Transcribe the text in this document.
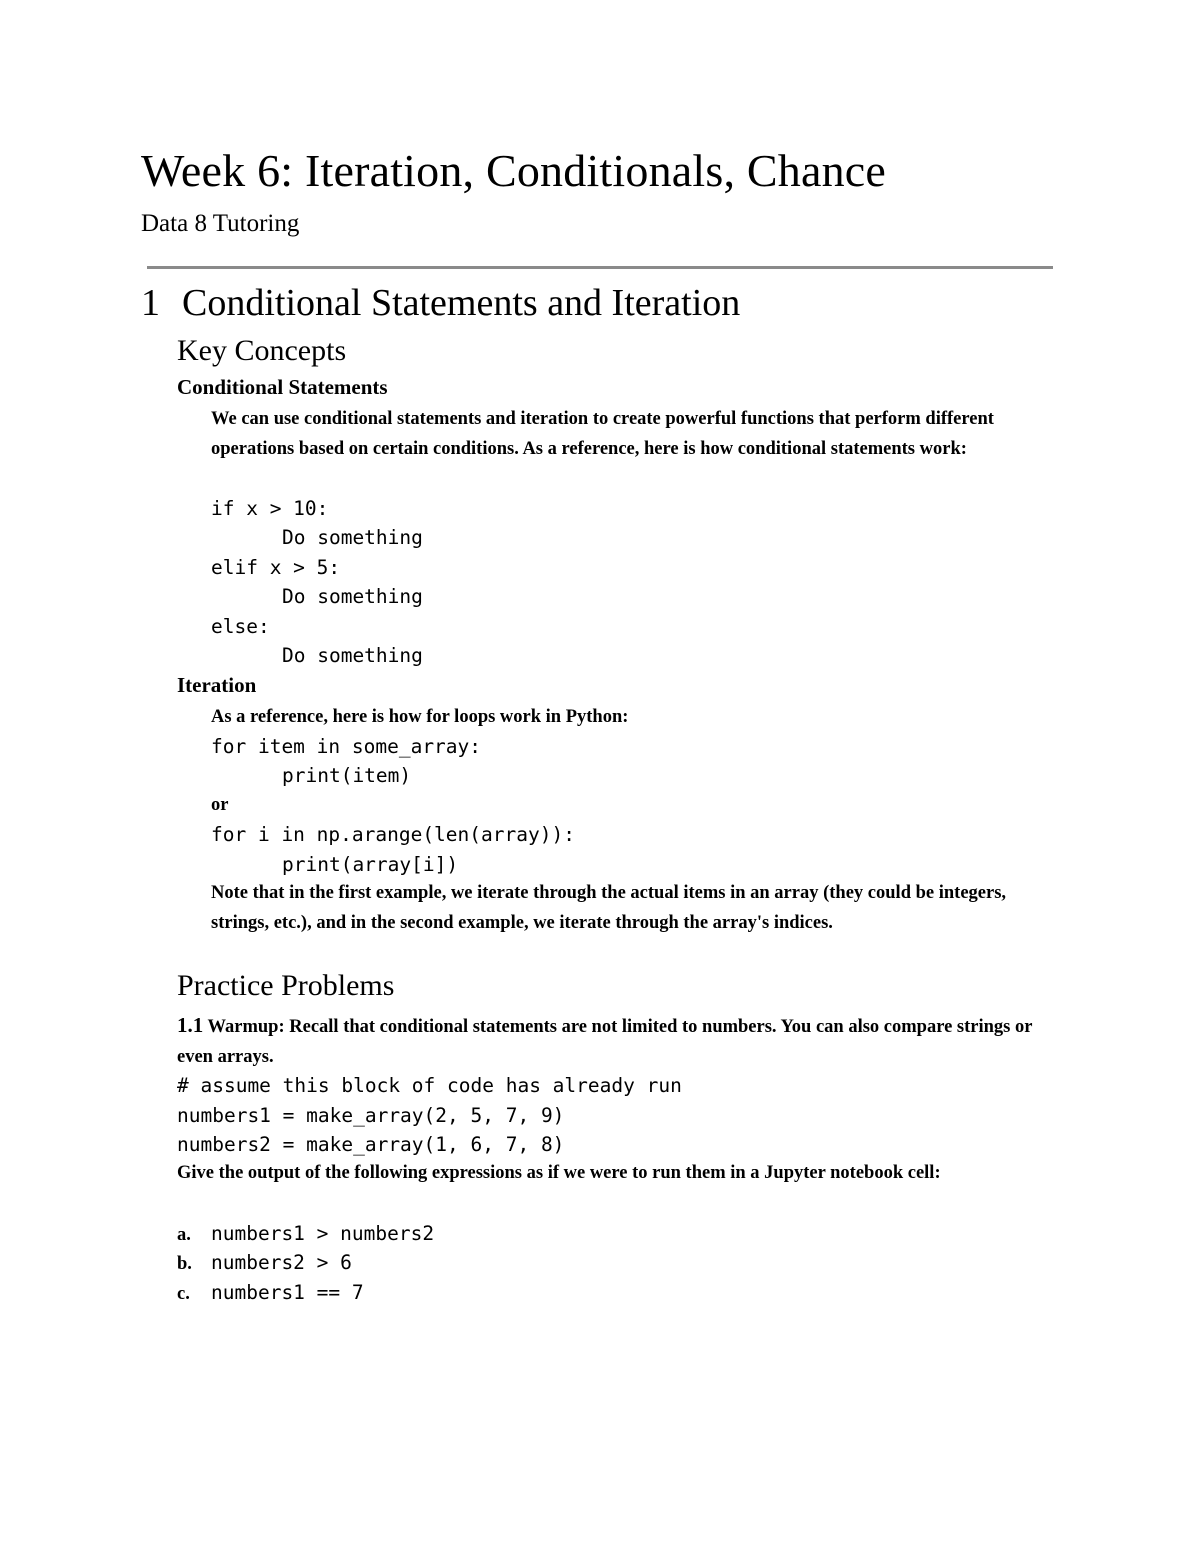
Week 6: Iteration, Conditionals, Chance
Data 8 Tutoring
1 Conditional Statements and Iteration
Key Concepts
Conditional Statements
We can use conditional statements and iteration to create powerful functions that perform different operations based on certain conditions. As a reference, here is how conditional statements work:
if x > 10:
Do something
elif x > 5:
Do something
else:
Do something
Iteration
As a reference, here is how for loops work in Python:
for item in some_array:
print(item)
or
for i in np.arange(len(array)):
print(array[i])
Note that in the first example, we iterate through the actual items in an array (they could be integers, strings, etc.), and in the second example, we iterate through the array's indices.
Practice Problems
1.1 Warmup: Recall that conditional statements are not limited to numbers. You can also compare strings or even arrays.
# assume this block of code has already run
numbers1 = make_array(2, 5, 7, 9)
numbers2 = make_array(1, 6, 7, 8)
Give the output of the following expressions as if we were to run them in a Jupyter notebook cell:
a. numbers1 > numbers2
b. numbers2 > 6
c. numbers1 == 7
